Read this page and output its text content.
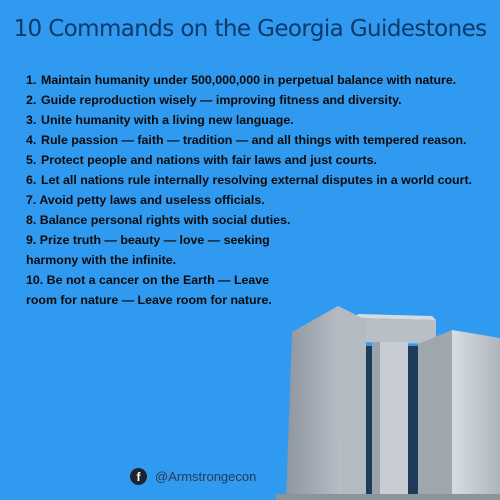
10 Commands on the Georgia Guidestones
1. Maintain humanity under 500,000,000 in perpetual balance with nature.
2. Guide reproduction wisely — improving fitness and diversity.
3. Unite humanity with a living new language.
4. Rule passion — faith — tradition — and all things with tempered reason.
5. Protect people and nations with fair laws and just courts.
6. Let all nations rule internally resolving external disputes in a world court.
7. Avoid petty laws and useless officials.
8. Balance personal rights with social duties.
9. Prize truth — beauty — love — seeking harmony with the infinite.
10. Be not a cancer on the Earth — Leave room for nature — Leave room for nature.
f	@Armstrongecon
